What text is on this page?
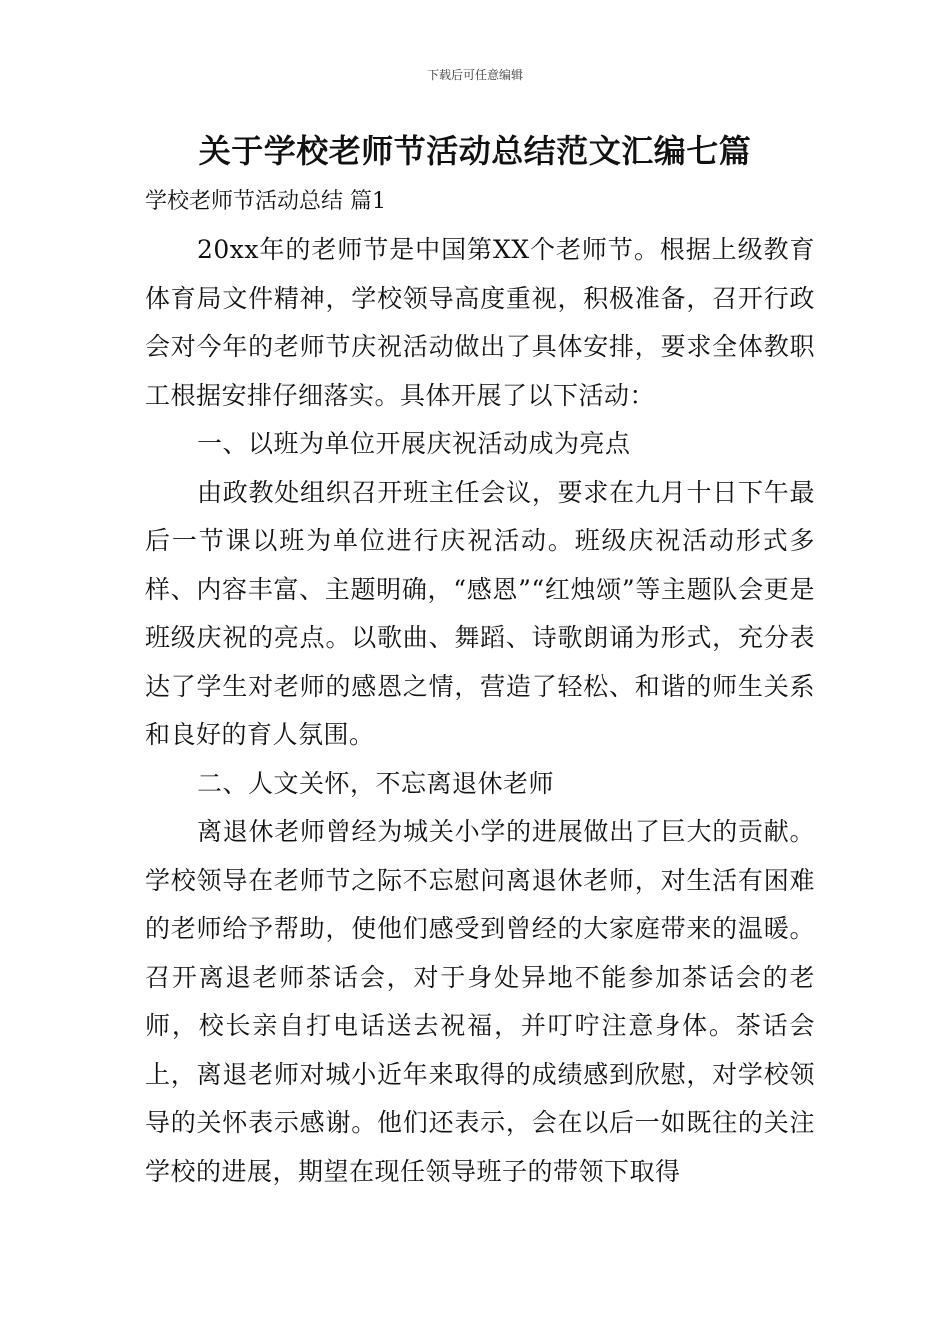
下载后可任意编辑
关于学校老师节活动总结范文汇编七篇

学校老师节活动总结 篇1

20xx年的老师节是中国第XX个老师节。根据上级教育体育局文件精神，学校领导高度重视，积极准备，召开行政会对今年的老师节庆祝活动做出了具体安排，要求全体教职工根据安排仔细落实。具体开展了以下活动：

一、以班为单位开展庆祝活动成为亮点

由政教处组织召开班主任会议，要求在九月十日下午最后一节课以班为单位进行庆祝活动。班级庆祝活动形式多样、内容丰富、主题明确，“感恩”“红烛颂”等主题队会更是班级庆祝的亮点。以歌曲、舞蹈、诗歌朗诵为形式，充分表达了学生对老师的感恩之情，营造了轻松、和谐的师生关系和良好的育人氛围。

二、人文关怀，不忘离退休老师

离退休老师曾经为城关小学的进展做出了巨大的贡献。学校领导在老师节之际不忘慰问离退休老师，对生活有困难的老师给予帮助，使他们感受到曾经的大家庭带来的温暖。召开离退老师茶话会，对于身处异地不能参加茶话会的老师，校长亲自打电话送去祝福，并叮咛注意身体。茶话会上，离退老师对城小近年来取得的成绩感到欣慰，对学校领导的关怀表示感谢。他们还表示，会在以后一如既往的关注学校的进展，期望在现任领导班子的带领下取得
